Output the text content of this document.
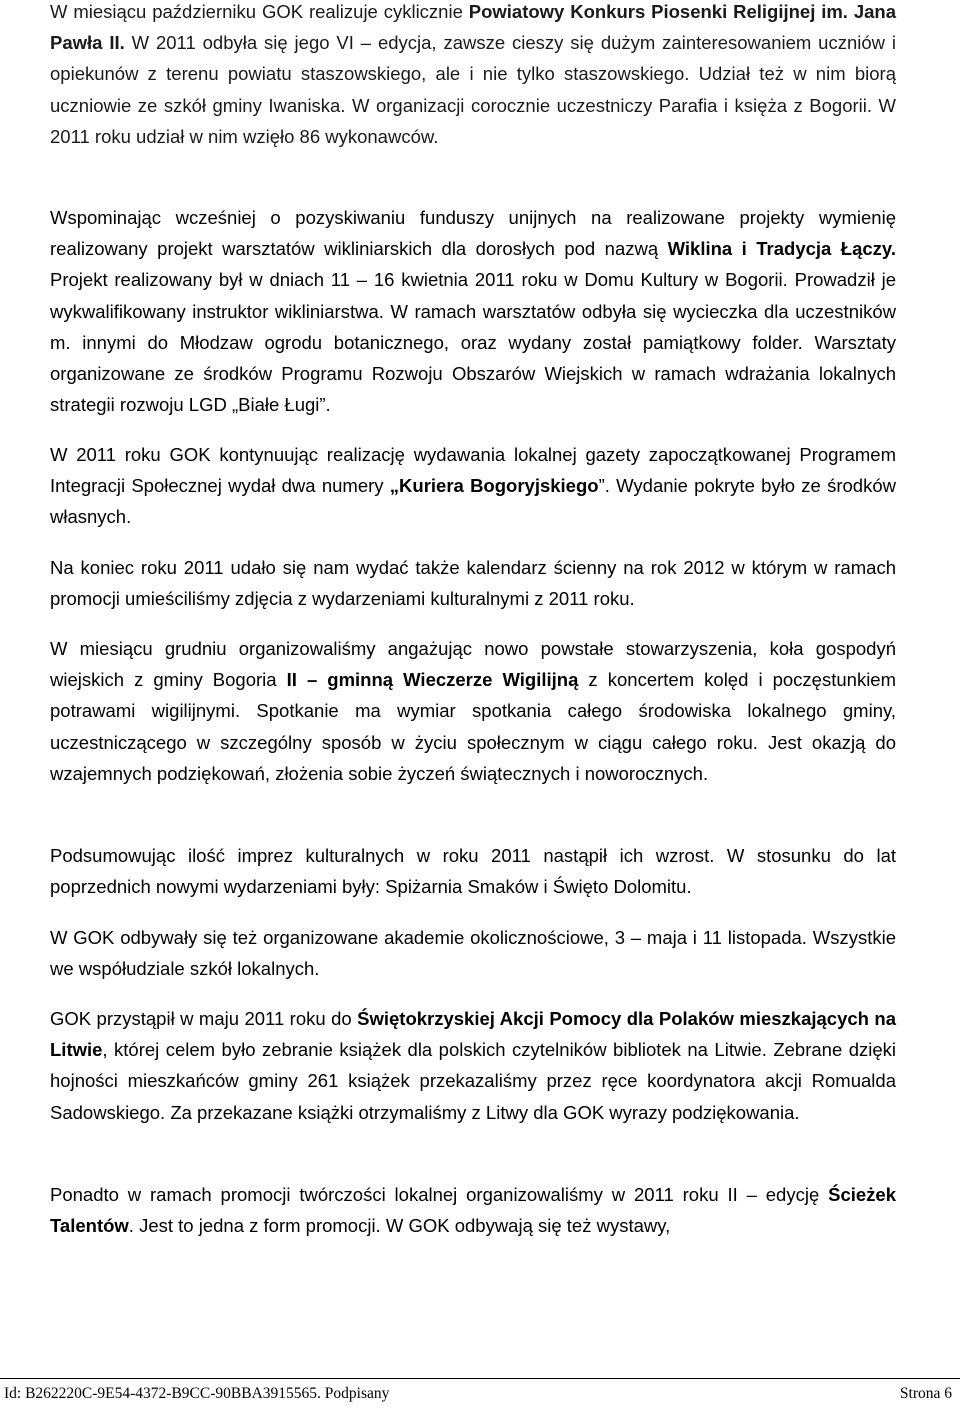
W miesiącu październiku GOK realizuje cyklicznie Powiatowy Konkurs Piosenki Religijnej im. Jana Pawła II. W 2011 odbyła się jego VI – edycja, zawsze cieszy się dużym zainteresowaniem uczniów i opiekunów z terenu powiatu staszowskiego, ale i nie tylko staszowskiego. Udział też w nim biorą uczniowie ze szkół gminy Iwaniska. W organizacji corocznie uczestniczy Parafia i księża z Bogorii. W 2011 roku udział w nim wzięło 86 wykonawców.

Wspominając wcześniej o pozyskiwaniu funduszy unijnych na realizowane projekty wymienię realizowany projekt warsztatów wikliniarskich dla dorosłych pod nazwą Wiklina i Tradycja Łączy. Projekt realizowany był w dniach 11 – 16 kwietnia 2011 roku w Domu Kultury w Bogorii. Prowadził je wykwalifikowany instruktor wikliniarstwa. W ramach warsztatów odbyła się wycieczka dla uczestników m. innymi do Młodzaw ogrodu botanicznego, oraz wydany został pamiątkowy folder. Warsztaty organizowane ze środków Programu Rozwoju Obszarów Wiejskich w ramach wdrażania lokalnych strategii rozwoju LGD „Białe Ługi”.

W 2011 roku GOK kontynuując realizację wydawania lokalnej gazety zapoczątkowanej Programem Integracji Społecznej wydał dwa numery „Kuriera Bogoryjskiego”. Wydanie pokryte było ze środków własnych.

Na koniec roku 2011 udało się nam wydać także kalendarz ścienny na rok 2012 w którym w ramach promocji umieściliśmy zdjęcia z wydarzeniami kulturalnymi z 2011 roku.

W miesiącu grudniu organizowaliśmy angażując nowo powstałe stowarzyszenia, koła gospodyń wiejskich z gminy Bogoria II – gminną Wieczerze Wigilijną z koncertem kolęd i poczęstunkiem potrawami wigilijnymi. Spotkanie ma wymiar spotkania całego środowiska lokalnego gminy, uczestniczącego w szczególny sposób w życiu społecznym w ciągu całego roku. Jest okazją do wzajemnych podziękowań, złożenia sobie życzeń świątecznych i noworocznych.

Podsumowując ilość imprez kulturalnych w roku 2011 nastąpił ich wzrost. W stosunku do lat poprzednich nowymi wydarzeniami były: Spiżarnia Smaków i Święto Dolomitu.

W GOK odbywały się też organizowane akademie okolicznościowe, 3 – maja i 11 listopada. Wszystkie we współudziale szkół lokalnych.

GOK przystąpił w maju 2011 roku do Świętokrzyskiej Akcji Pomocy dla Polaków mieszkających na Litwie, której celem było zebranie książek dla polskich czytelników bibliotek na Litwie. Zebrane dzięki hojności mieszkańców gminy 261 książek przekazaliśmy przez ręce koordynatora akcji Romualda Sadowskiego. Za przekazane książki otrzymaliśmy z Litwy dla GOK wyrazy podziękowania.

Ponadto w ramach promocji twórczości lokalnej organizowaliśmy w 2011 roku II – edycję Ścieżek Talentów. Jest to jedna z form promocji. W GOK odbywają się też wystawy,

Id: B262220C-9E54-4372-B9CC-90BBA3915565. Podpisany	Strona 6
